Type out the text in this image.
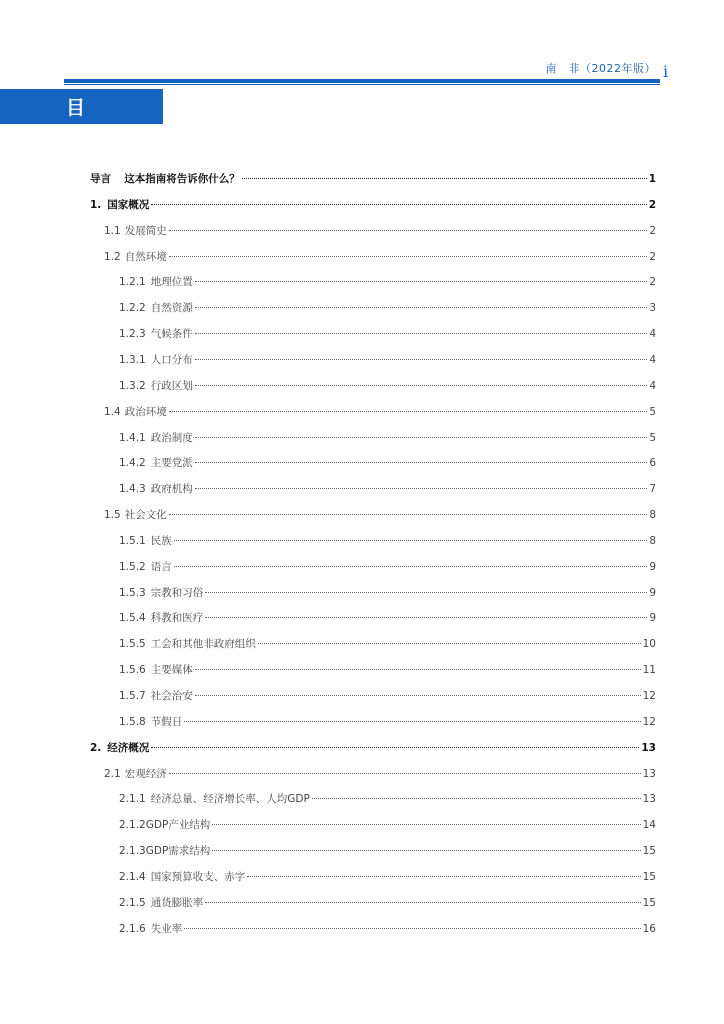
南　非（2022年版） i
目 录
导言 这本指南将告诉你什么？	1
1. 国家概况	2
1.1 发展简史	2
1.2 自然环境	2
1.2.1 地理位置	2
1.2.2 自然资源	3
1.2.3 气候条件	4
1.3.1 人口分布	4
1.3.2 行政区划	4
1.4 政治环境	5
1.4.1 政治制度	5
1.4.2 主要党派	6
1.4.3 政府机构	7
1.5 社会文化	8
1.5.1 民族	8
1.5.2 语言	9
1.5.3 宗教和习俗	9
1.5.4 科教和医疗	9
1.5.5 工会和其他非政府组织	10
1.5.6 主要媒体	11
1.5.7 社会治安	12
1.5.8 节假日	12
2. 经济概况	13
2.1 宏观经济	13
2.1.1 经济总量、经济增长率、人均GDP	13
2.1.2 GDP产业结构	14
2.1.3 GDP需求结构	15
2.1.4 国家预算收支、赤字	15
2.1.5 通货膨胀率	15
2.1.6 失业率	16
